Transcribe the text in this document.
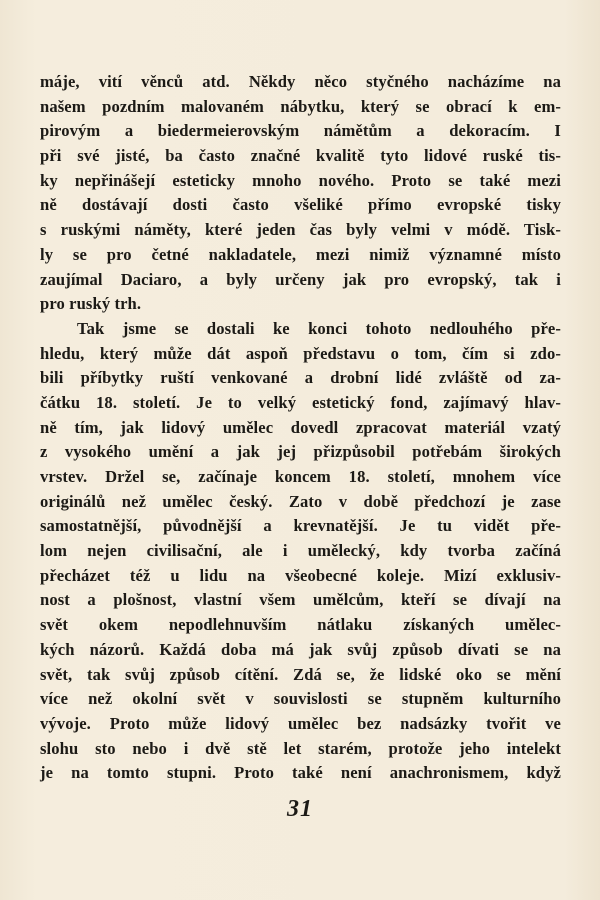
máje, vití věnců atd. Někdy něco styčného nacházíme na
našem pozdním malovaném nábytku, který se obrací k em-
pirovým a biedermeierovským námětům a dekoracím. I
při své jisté, ba často značné kvalitě tyto lidové ruské tis-
ky nepřinášejí esteticky mnoho nového. Proto se také mezi
ně dostávají dosti často všeliké přímo evropské tisky
s ruskými náměty, které jeden čas byly velmi v módě. Tisk-
ly se pro četné nakladatele, mezi nimiž významné místo
zaujímal Daciaro, a byly určeny jak pro evropský, tak i
pro ruský trh.
Tak jsme se dostali ke konci tohoto nedlouhého pře-
hledu, který může dát aspoň představu o tom, čím si zdo-
bili příbytky ruští venkované a drobní lidé zvláště od za-
čátku 18. století. Je to velký estetický fond, zajímavý hlav-
ně tím, jak lidový umělec dovedl zpracovat materiál vzatý
z vysokého umění a jak jej přizpůsobil potřebám širokých
vrstev. Držel se, začínaje koncem 18. století, mnohem více
originálů než umělec český. Zato v době předchozí je zase
samostatnější, původnější a krevnatější. Je tu vidět pře-
lom nejen civilisační, ale i umělecký, kdy tvorba začíná
přecházet též u lidu na všeobecné koleje. Mizí exklusiv-
nost a plošnost, vlastní všem umělcům, kteří se dívají na
svět okem nepodlehnuvším nátlaku získaných umělec-
kých názorů. Každá doba má jak svůj způsob dívati se na
svět, tak svůj způsob cítění. Zdá se, že lidské oko se mění
více než okolní svět v souvislosti se stupněm kulturního
vývoje. Proto může lidový umělec bez nadsázky tvořit ve
slohu sto nebo i dvě stě let starém, protože jeho intelekt
je na tomto stupni. Proto také není anachronismem, když
31
